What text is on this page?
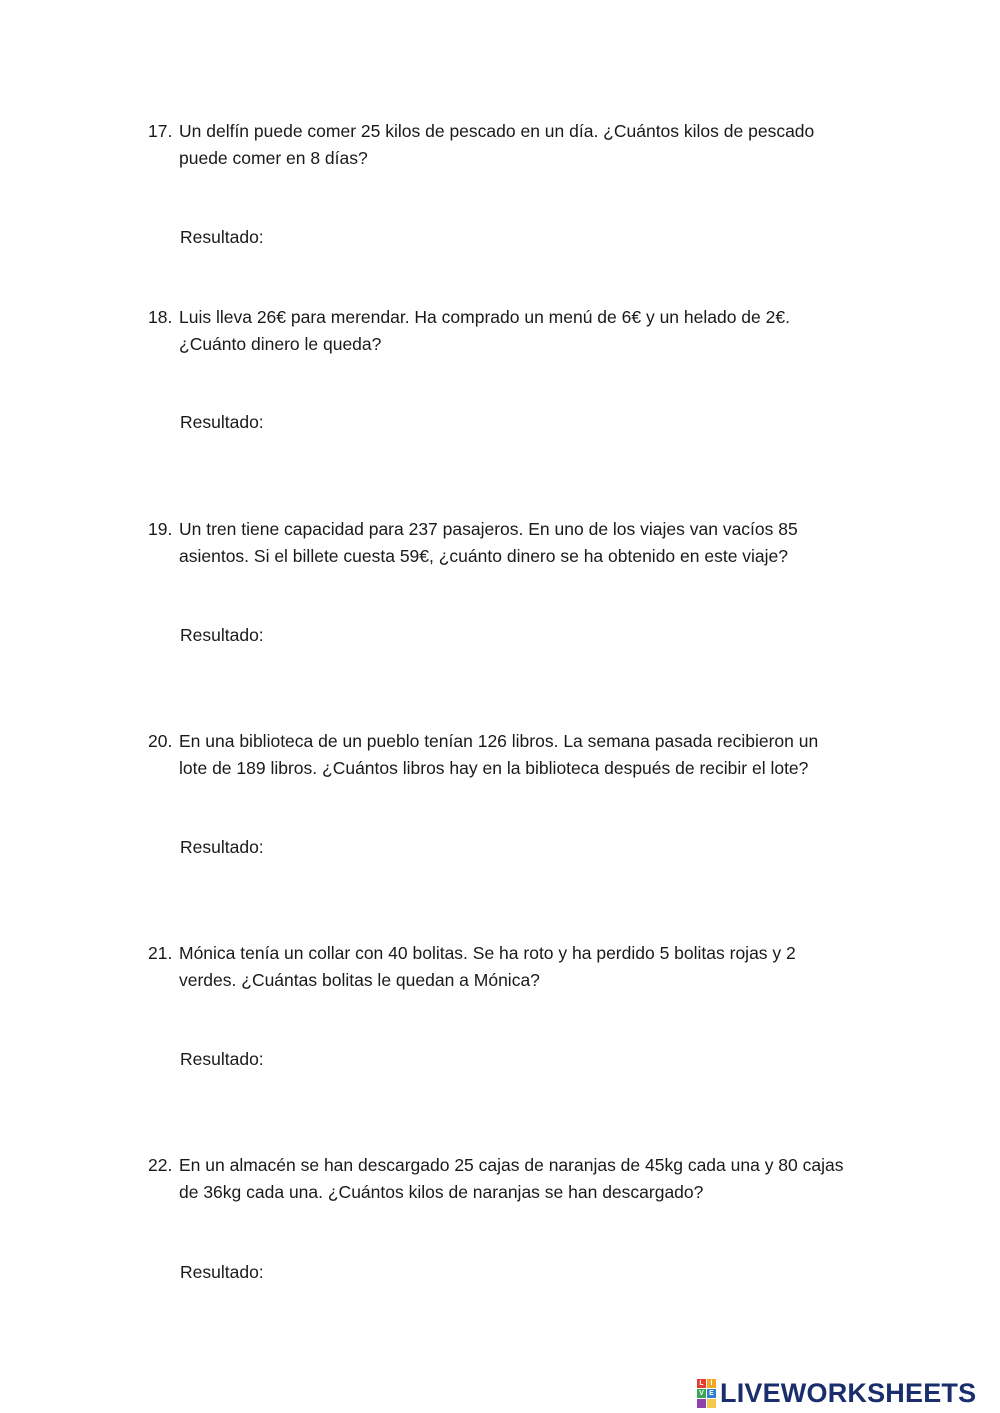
17. Un delfín puede comer 25 kilos de pescado en un día. ¿Cuántos kilos de pescado
puede comer en 8 días?
Resultado:
18. Luis lleva 26€ para merendar. Ha comprado un menú de 6€ y un helado de 2€.
¿Cuánto dinero le queda?
Resultado:
19. Un tren tiene capacidad para 237 pasajeros. En uno de los viajes van vacíos 85
asientos. Si el billete cuesta 59€, ¿cuánto dinero se ha obtenido en este viaje?
Resultado:
20. En una biblioteca de un pueblo tenían 126 libros. La semana pasada recibieron un
lote de 189 libros. ¿Cuántos libros hay en la biblioteca después de recibir el lote?
Resultado:
21. Mónica tenía un collar con 40 bolitas. Se ha roto y ha perdido 5 bolitas rojas y 2
verdes. ¿Cuántas bolitas le quedan a Mónica?
Resultado:
22. En un almacén se han descargado 25 cajas de naranjas de 45kg cada una y 80 cajas
de 36kg cada una. ¿Cuántos kilos de naranjas se han descargado?
Resultado:
L I
V E LIVEWORKSHEETS
